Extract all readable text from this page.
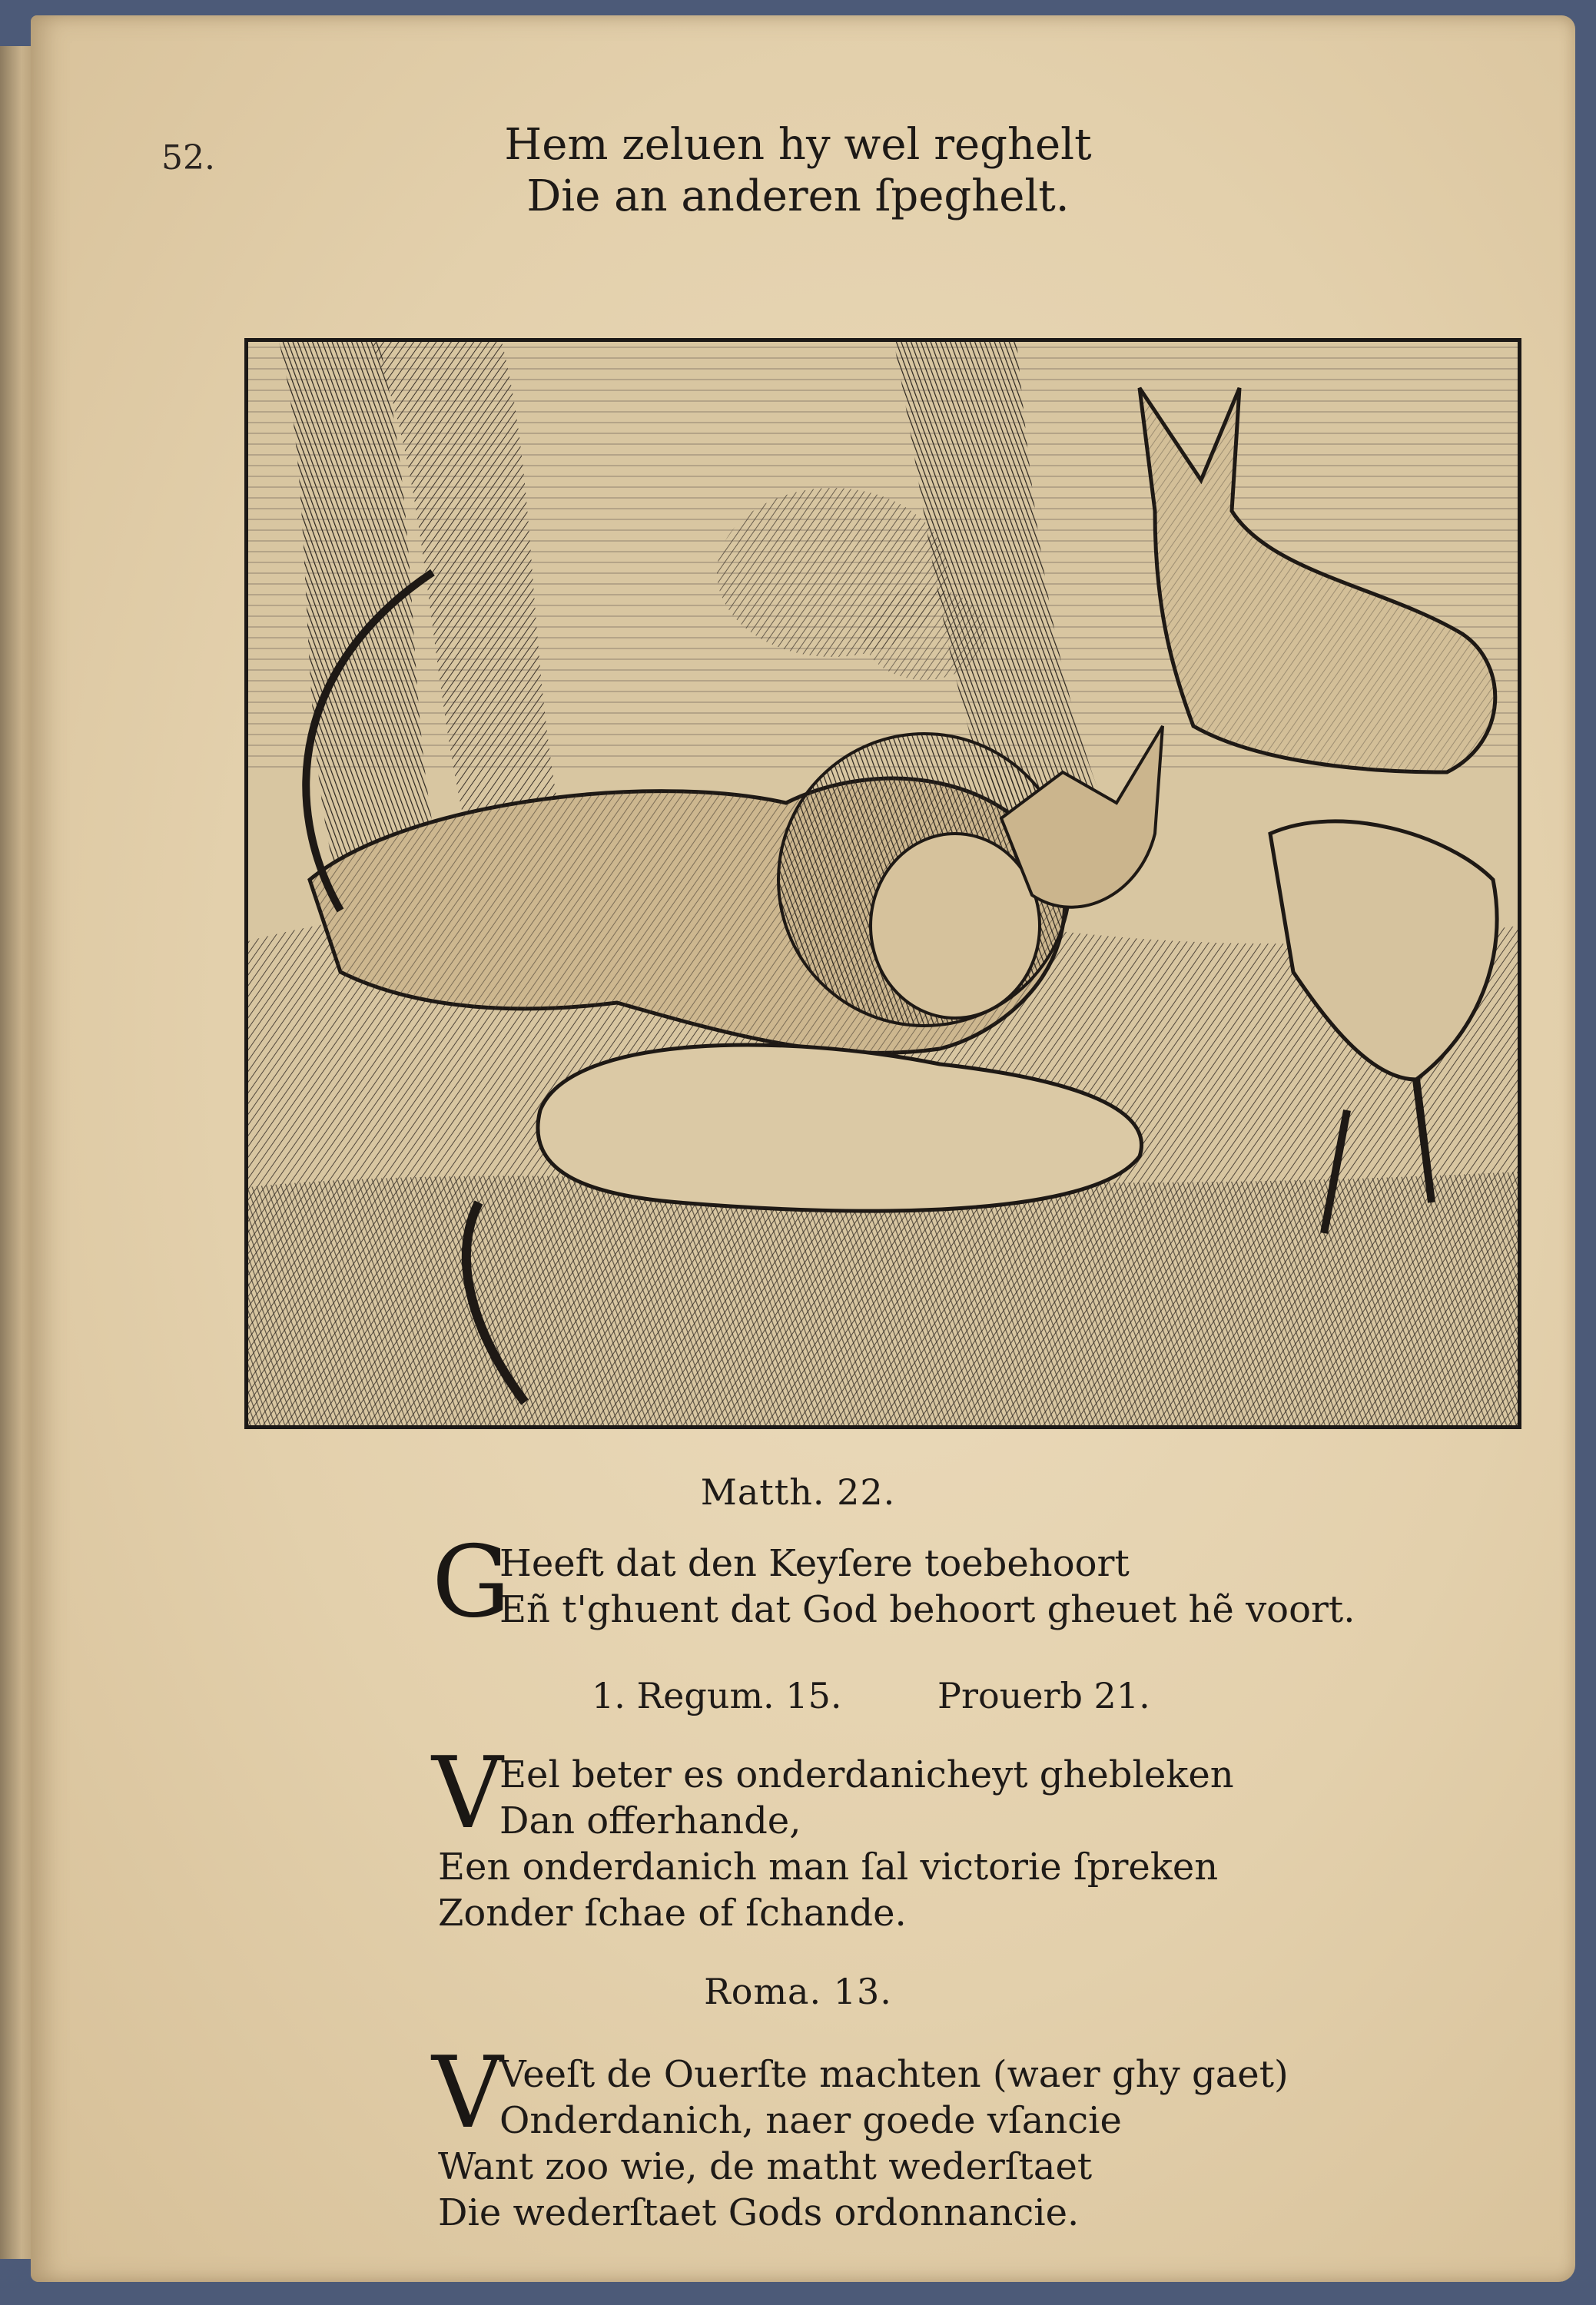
52.	Hem zeluen hy wel reghelt
Die an anderen ſpeghelt.
Matth. 22.
G
Heeft dat den Keyſere toebehoort
Eñ t'ghuent dat God behoort gheuet hẽ voort.
1. Regum. 15.	Prouerb 21.
V
Eel beter es onderdanicheyt ghebleken
Dan offerhande,
Een onderdanich man ſal victorie ſpreken
Zonder ſchae of ſchande.
Roma. 13.
V
Veeſt de Ouerſte machten (waer ghy gaet)
Onderdanich, naer goede vſancie
Want zoo wie, de matht wederſtaet
Die wederſtaet Gods ordonnancie.
